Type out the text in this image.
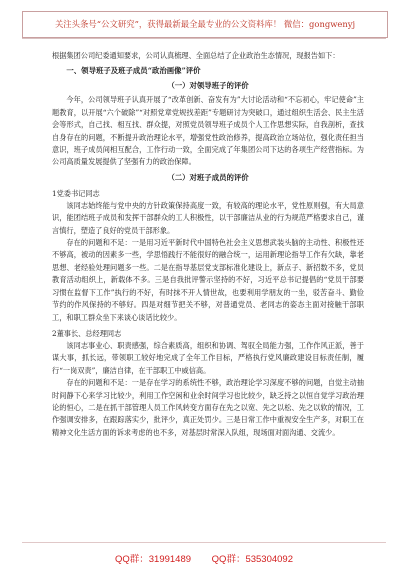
关注头条号“公文研究”，获得最新最全最专业的公文资料库！ 微信：gongwenyj

根据集团公司纪委通知要求，公司认真梳理、全面总结了企业政治生态情况，现报告如下：

一、领导班子及班子成员“政治画像”评价
（一）对领导班子的评价

今年，公司领导班子认真开展了“改革创新、奋发有为”大讨论活动和“不忘初心，牢记使命”主题教育，以开展“六个破除”“对照党章党规找差距”专题研讨为突破口，通过组织生活会、民主生活会等形式，自己找、相互找、群众提，对照党员领导班子成员个人工作思想实际，自我剖析，查找自身存在的问题，不断提升政治理论水平，增强党性政治修养，提高政治立场站位，强化责任担当意识，班子成员间相互配合，工作行动一致，全面完成了年集团公司下达的各项生产经营指标。为公司高质量发展提供了坚强有力的政治保障。

（二）对班子成员的评价
1党委书记同志

该同志始终能与党中央的方针政策保持高度一致，有较高的理论水平，党性原则强，有大局意识，能团结班子成员和发挥干部群众的工人积极性，以干部廉洁从业的行为规范严格要求自己，谨言慎行，塑造了良好的党员干部形象。

存在的问题和不足：一是用习近平新时代中国特色社会主义思想武装头脑的主动性、积极性还不够高，被动的因素多一些，学思悟践行不能很好的融合统一，运用新理论指导工作有欠缺，靠老思想、老经验处理问题多一些。二是在指导基层党支部标准化建设上，新点子、新招数不多，党员教育活动组织上，新载体不多。三是自我批评警示坚持的不好，习近平总书记提倡的“党员干部要习惯在监督下工作”执行的不好，有时抹不开人情世故，也要利用学朋友的一坐，驳苦奋斗、勤俭节约的作风保持的不够好。四是对细节把关不够，对普通党员、老同志的姿态主面对接触干部职工，和职工群众坐下来谈心谈话比较少。

2董事长、总经理同志

该同志事业心、职责感强，综合素质高，组织和协调、驾驭全局能力强，工作作风正派，善于谋大事，抓长远，带领职工较好地完成了全年工作目标，严格执行党风廉政建设目标责任制，履行“一岗双责”，廉洁自律，在干部职工中威信高。

存在的问题和不足：一是存在学习的系统性不够，政治理论学习深度不够的问题，自觉主动抽时间静下心来学习比较少，利用工作空闲和业余时间学习也比较少，缺乏持之以恒自觉学习政治理论的恒心，二是在抓干部管理人员工作风转变方面存在先之以宽、先之以松、先之以软的情况，工作强调安排多，在跟踪落实少，批评少，真正处罚少。三是日常工作中重视安全生产多，对职工在精神文化生活方面的诉求考虑的也不多，对基层时常深入队组，现场面对面沟通、交流少。

QQ群：31991489 QQ群：535304092
